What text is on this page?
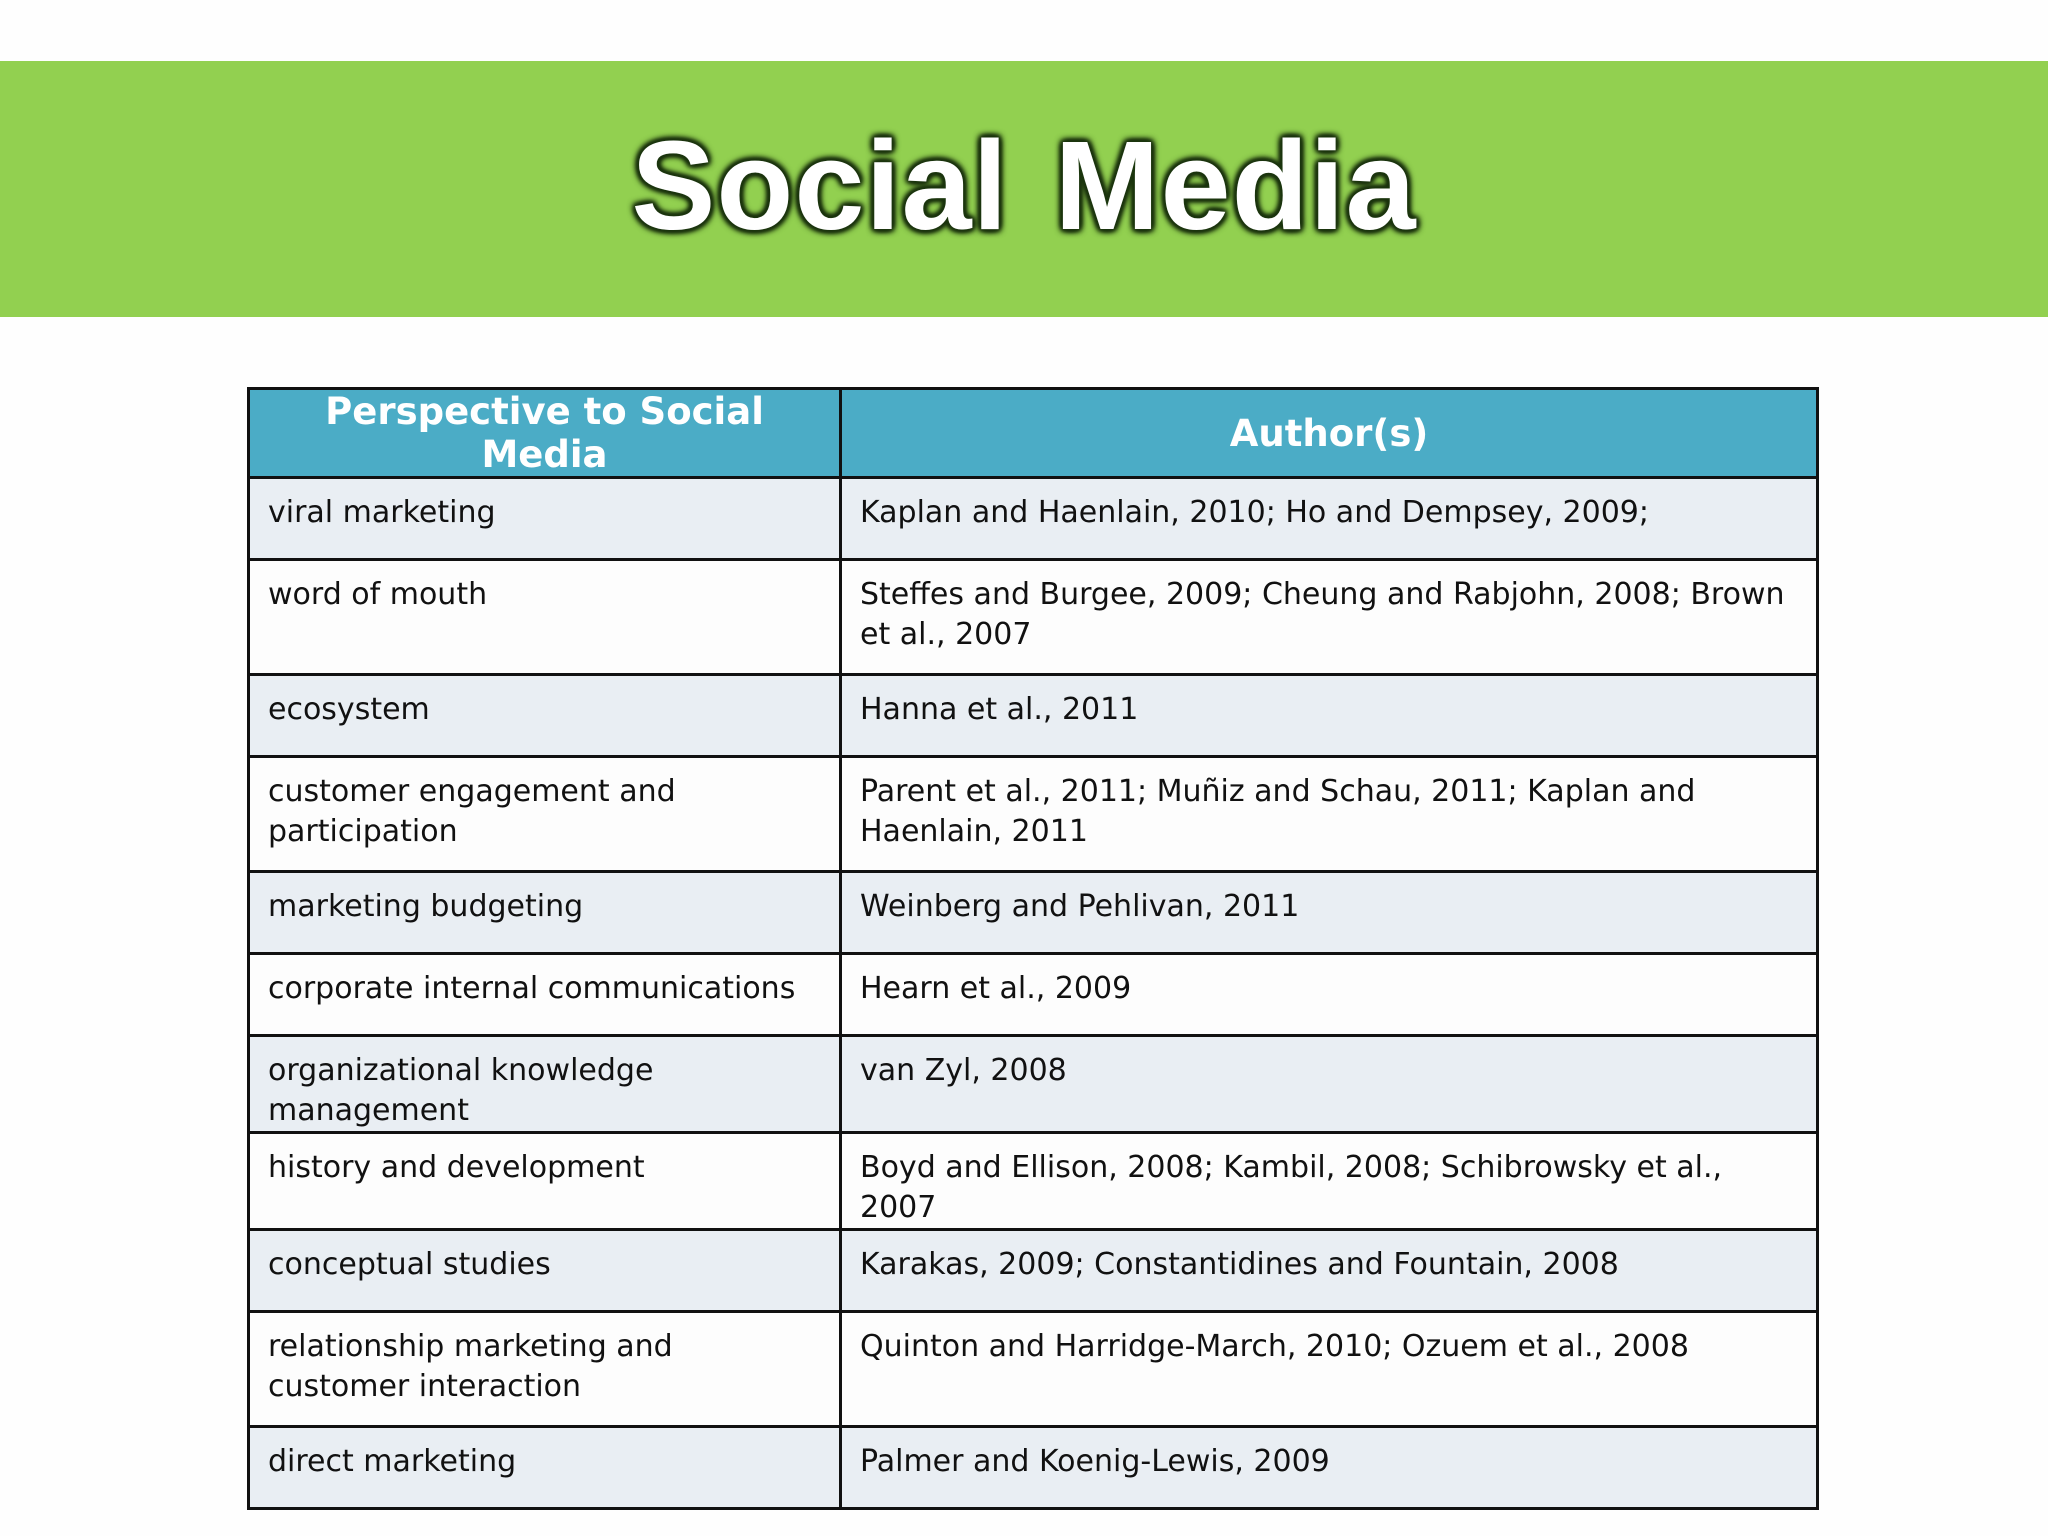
Social Media
Perspective to Social Media	Author(s)
viral marketing	Kaplan and Haenlain, 2010; Ho and Dempsey, 2009;
word of mouth	Steffes and Burgee, 2009; Cheung and Rabjohn, 2008; Brown et al., 2007
ecosystem	Hanna et al., 2011
customer engagement and participation	Parent et al., 2011; Muñiz and Schau, 2011; Kaplan and Haenlain, 2011
marketing budgeting	Weinberg and Pehlivan, 2011
corporate internal communications	Hearn et al., 2009
organizational knowledge management	van Zyl, 2008
history and development	Boyd and Ellison, 2008; Kambil, 2008; Schibrowsky et al., 2007
conceptual studies	Karakas, 2009; Constantidines and Fountain, 2008
relationship marketing and customer interaction	Quinton and Harridge-March, 2010; Ozuem et al., 2008
direct marketing	Palmer and Koenig-Lewis, 2009
